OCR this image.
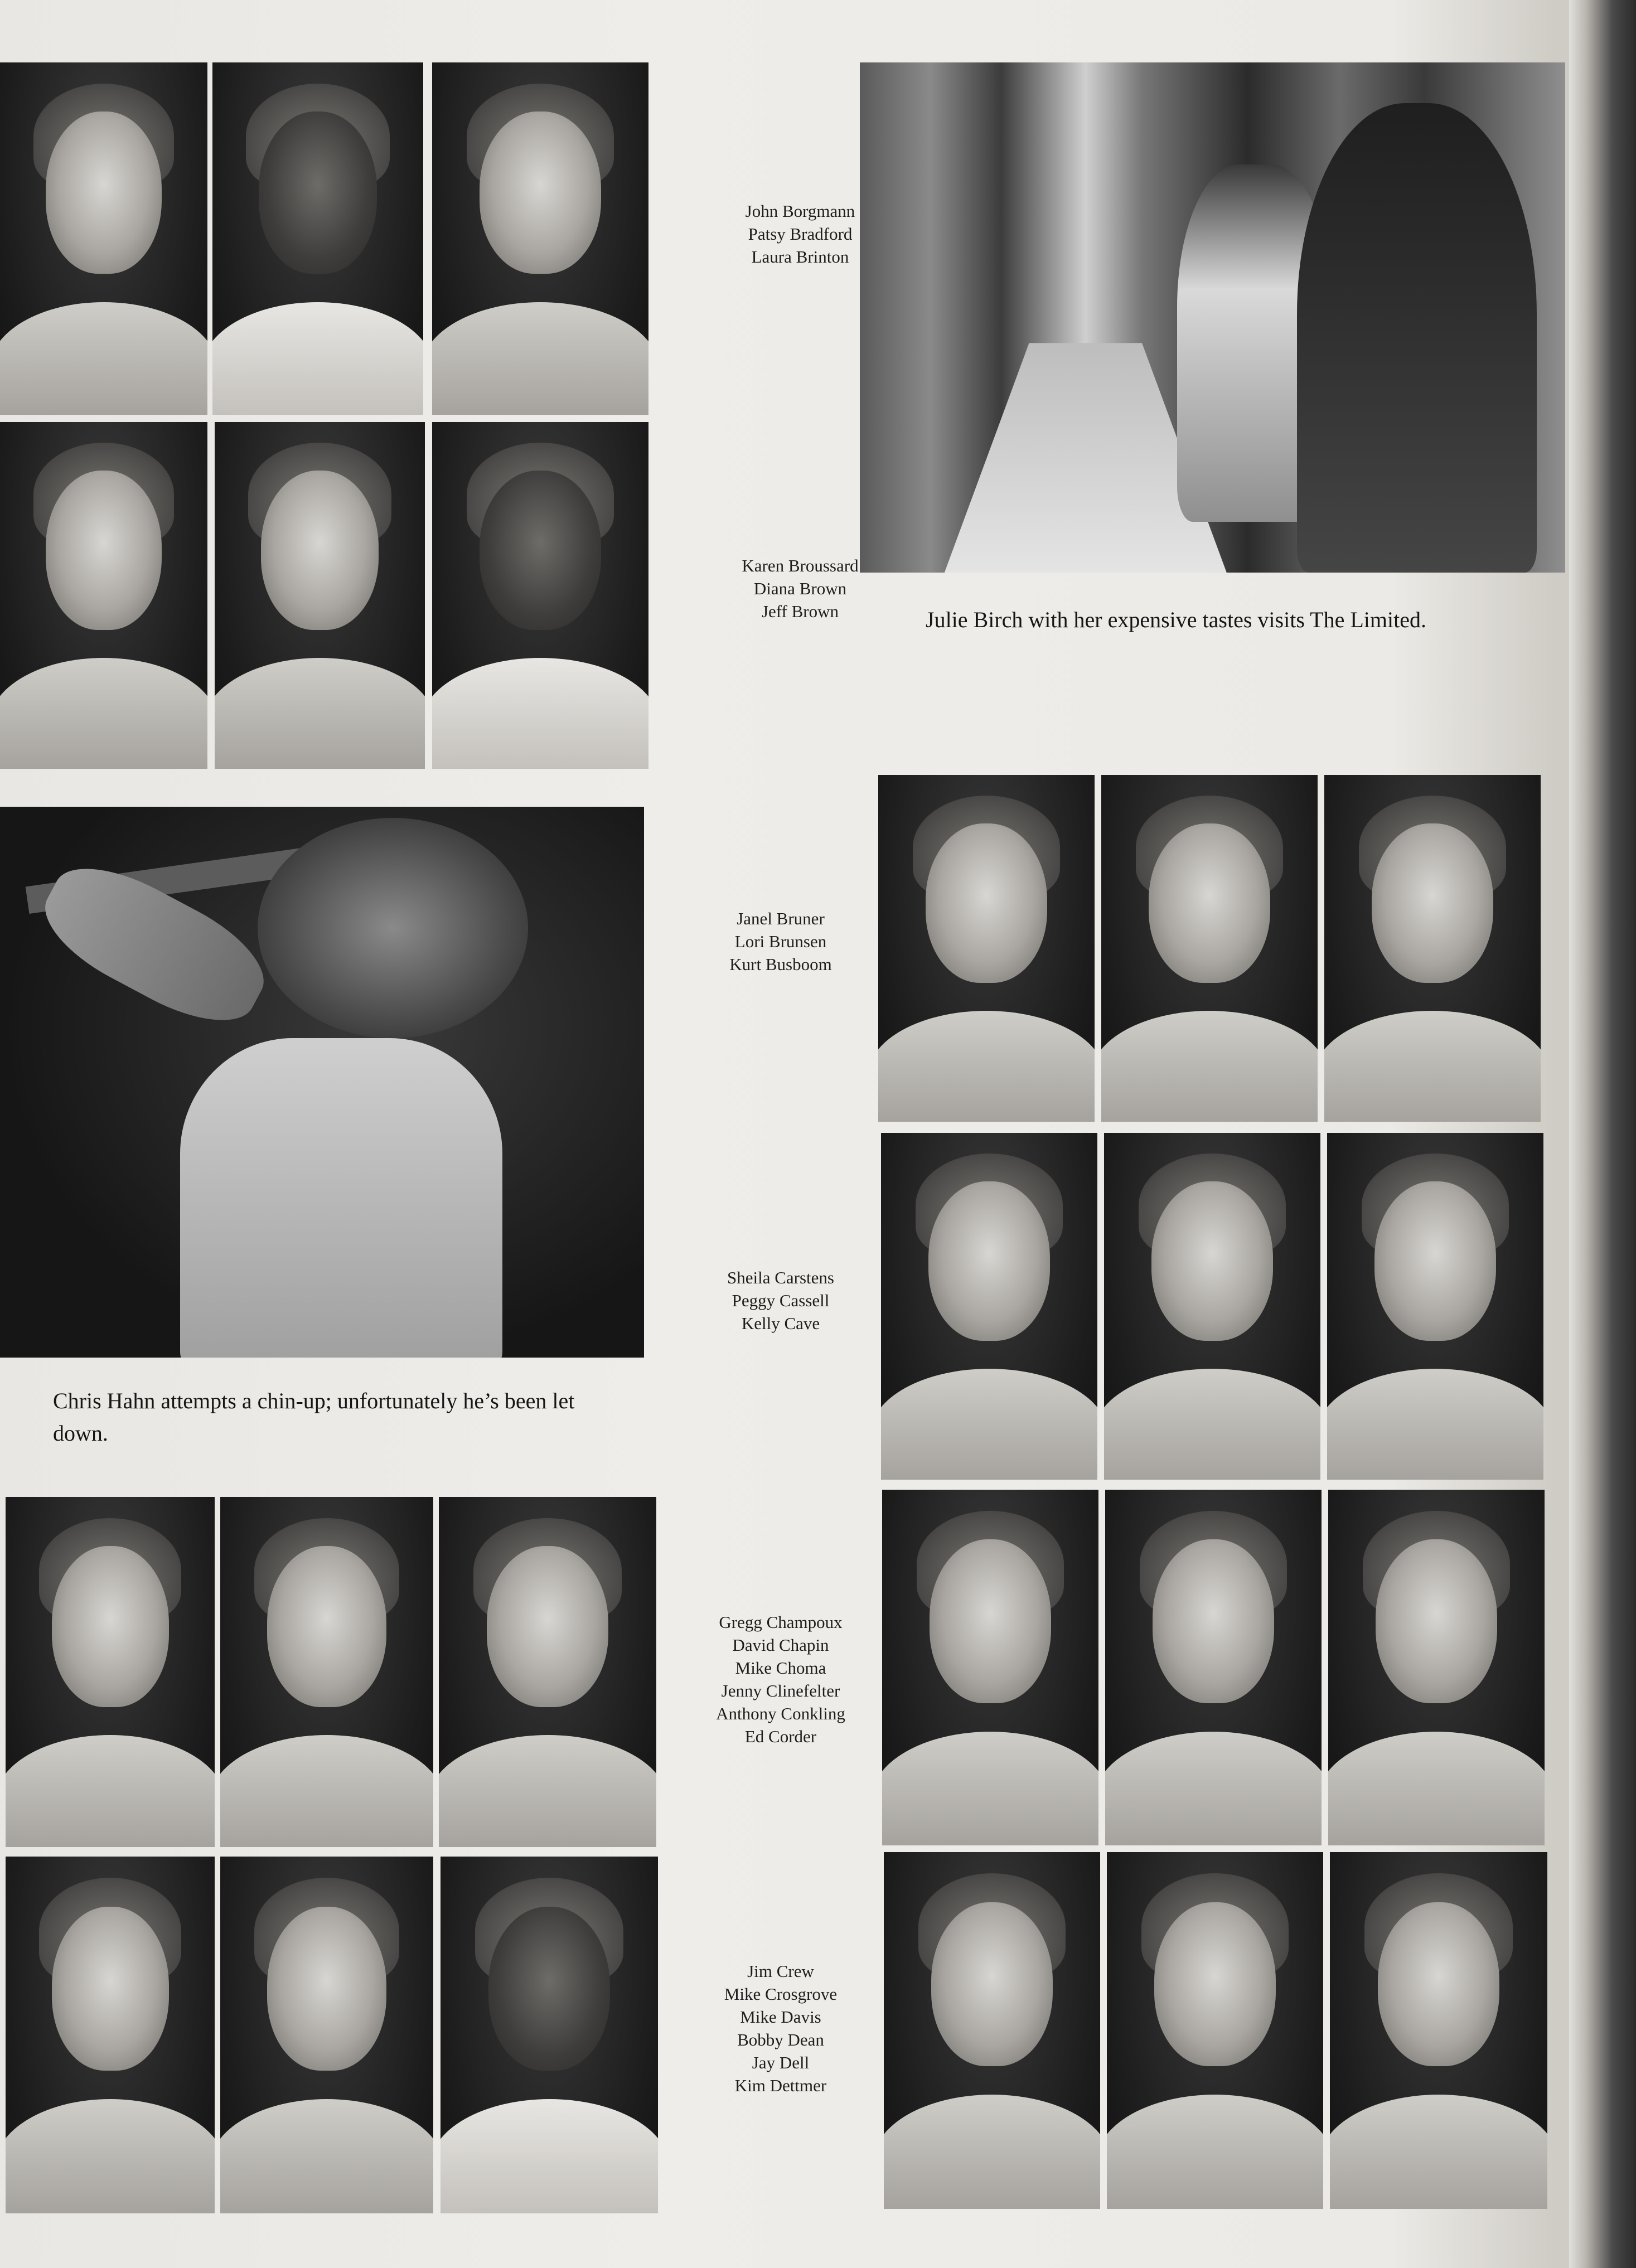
John Borgmann
Patsy Bradford
Laura Brinton
Karen Broussard
Diana Brown
Jeff Brown	Julie Birch with her expensive tastes visits The Limited.
Chris Hahn attempts a chin-up; unfortunately he’s been let down.
Janel Bruner
Lori Brunsen
Kurt Busboom
Sheila Carstens
Peggy Cassell
Kelly Cave
Gregg Champoux
David Chapin
Mike Choma
Jenny Clinefelter
Anthony Conkling
Ed Corder
Jim Crew
Mike Crosgrove
Mike Davis
Bobby Dean
Jay Dell
Kim Dettmer
